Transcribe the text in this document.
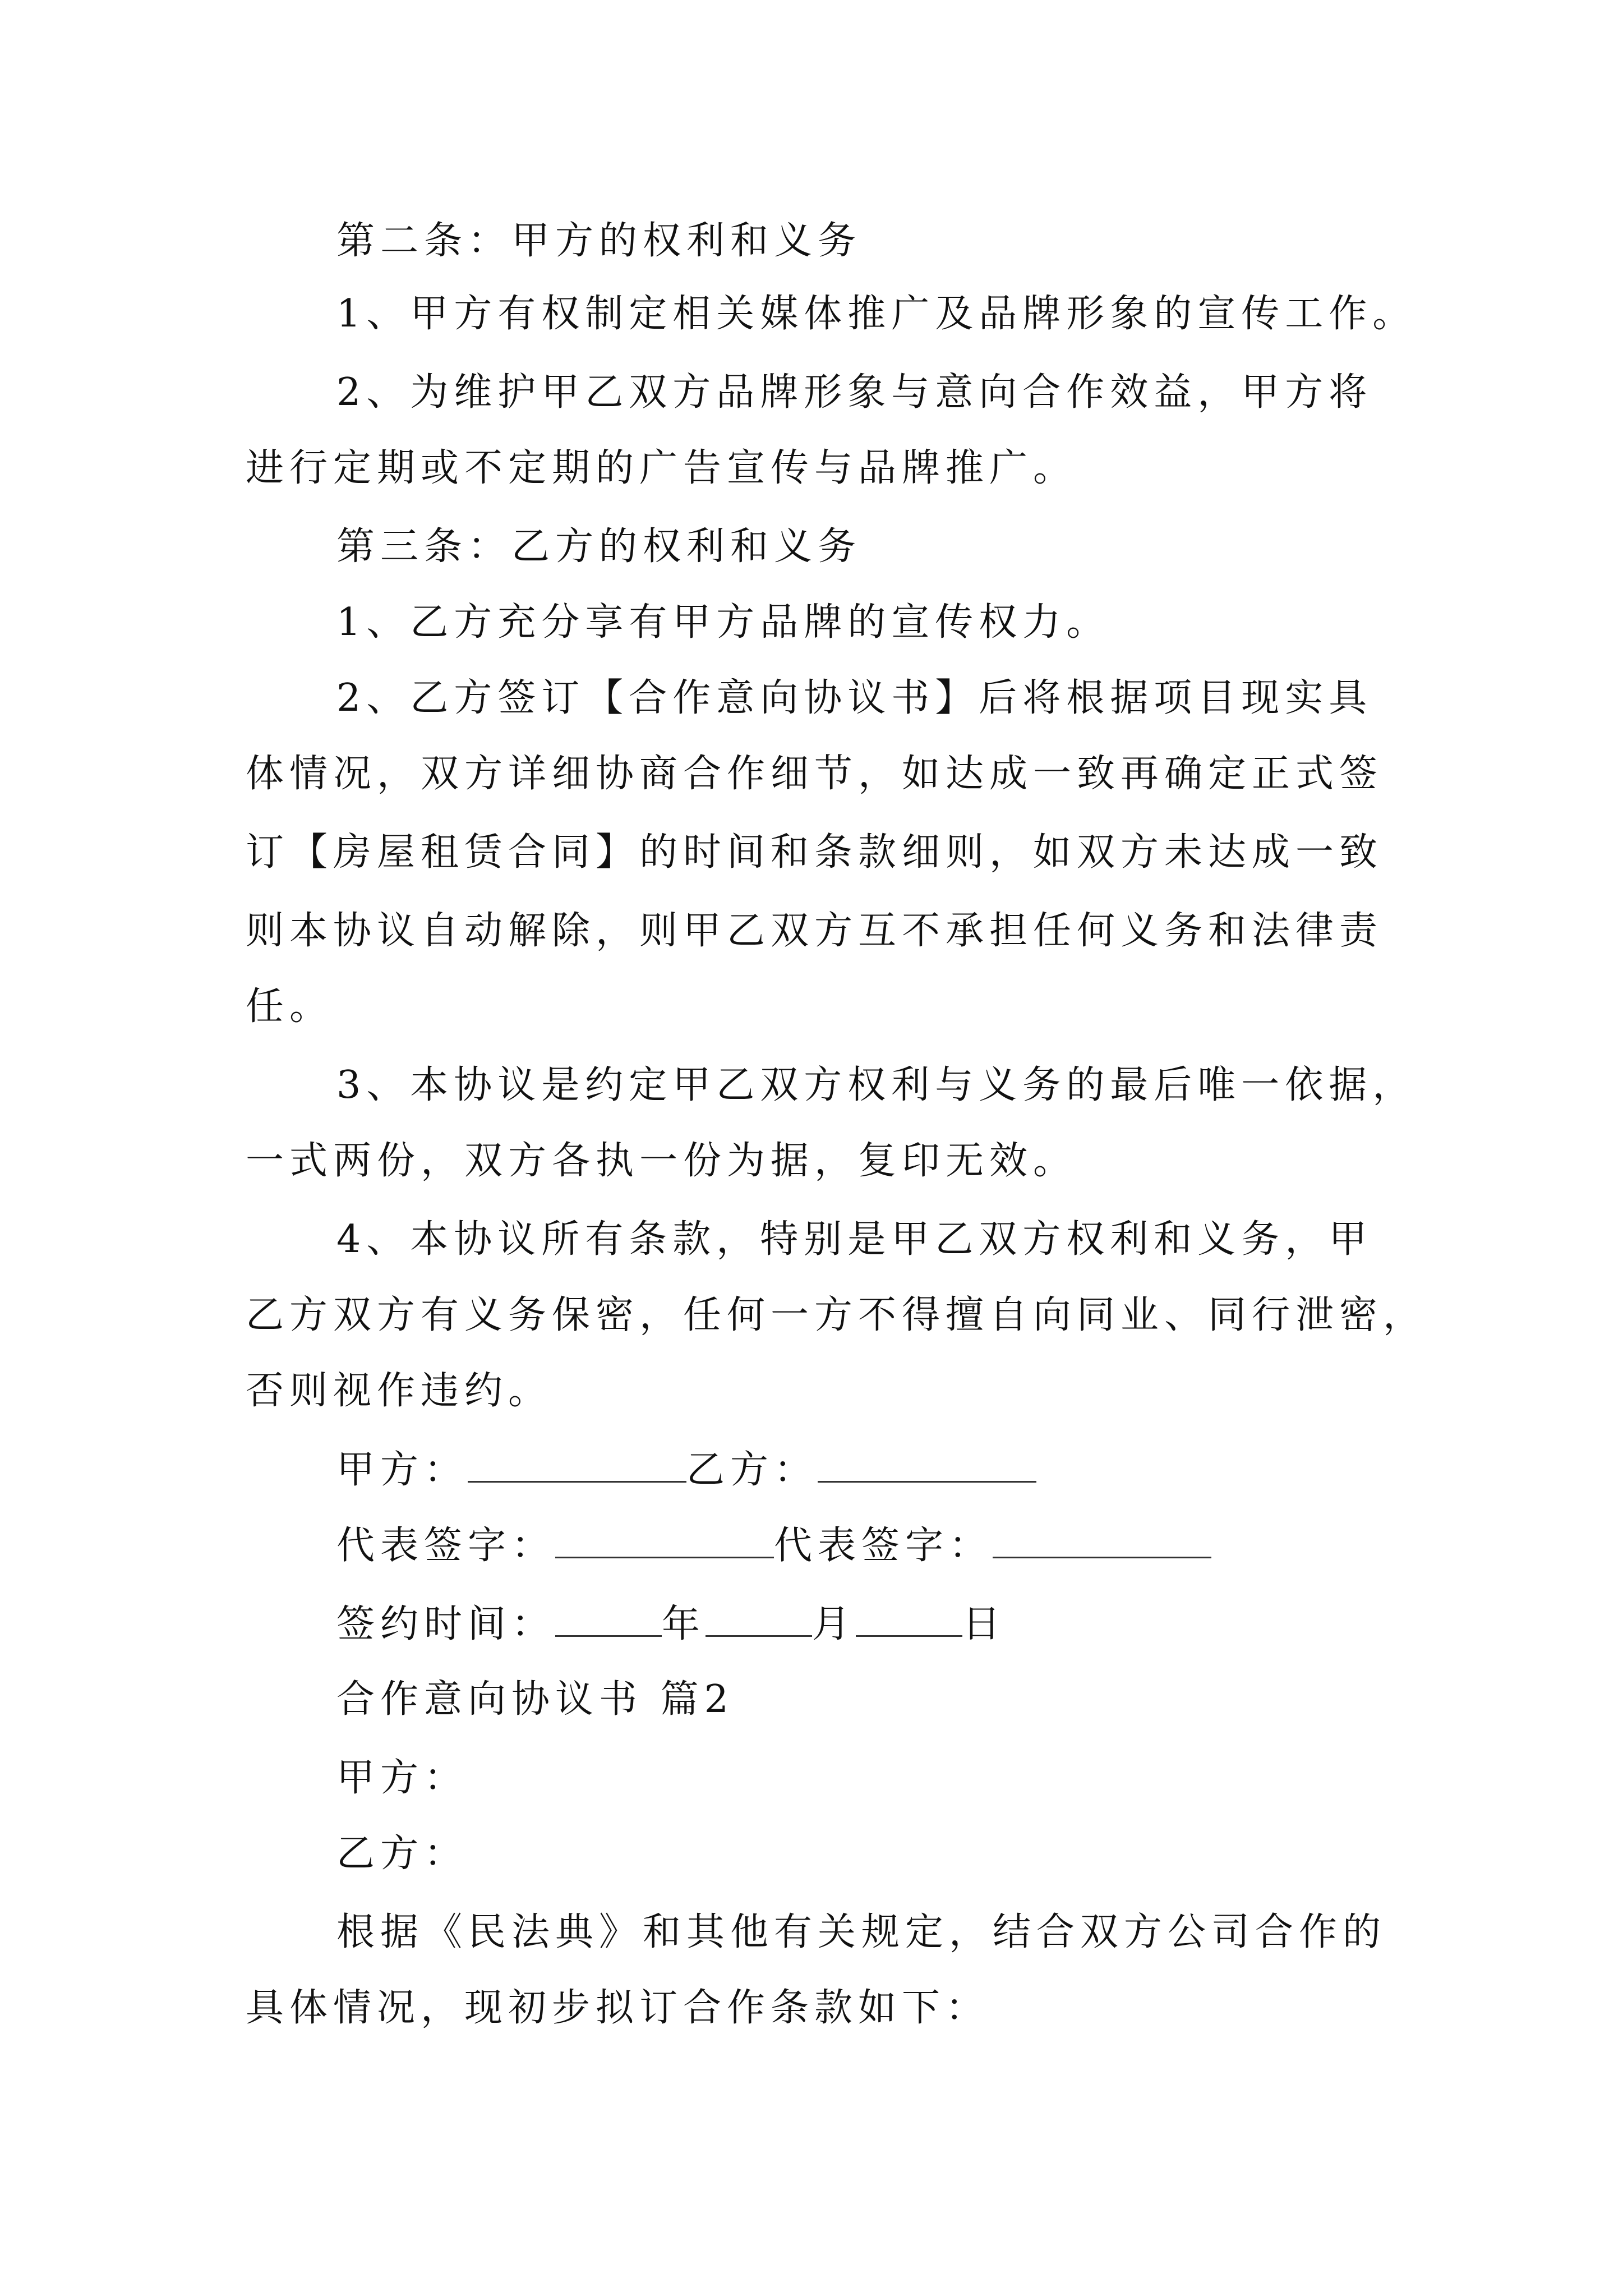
第二条：甲方的权利和义务
1、甲方有权制定相关媒体推广及品牌形象的宣传工作。
2、为维护甲乙双方品牌形象与意向合作效益，甲方将
进行定期或不定期的广告宣传与品牌推广。
第三条：乙方的权利和义务
1、乙方充分享有甲方品牌的宣传权力。
2、乙方签订【合作意向协议书】后将根据项目现实具
体情况，双方详细协商合作细节，如达成一致再确定正式签
订【房屋租赁合同】的时间和条款细则，如双方未达成一致
则本协议自动解除，则甲乙双方互不承担任何义务和法律责
任。
3、本协议是约定甲乙双方权利与义务的最后唯一依据，
一式两份，双方各执一份为据，复印无效。
4、本协议所有条款，特别是甲乙双方权利和义务，甲
乙方双方有义务保密，任何一方不得擅自向同业、同行泄密，
否则视作违约。
甲方：	乙方：
代表签字：	代表签字：
签约时间：	年	月	日
合作意向协议书 篇2
甲方：
乙方：
根据《民法典》和其他有关规定，结合双方公司合作的
具体情况，现初步拟订合作条款如下：
